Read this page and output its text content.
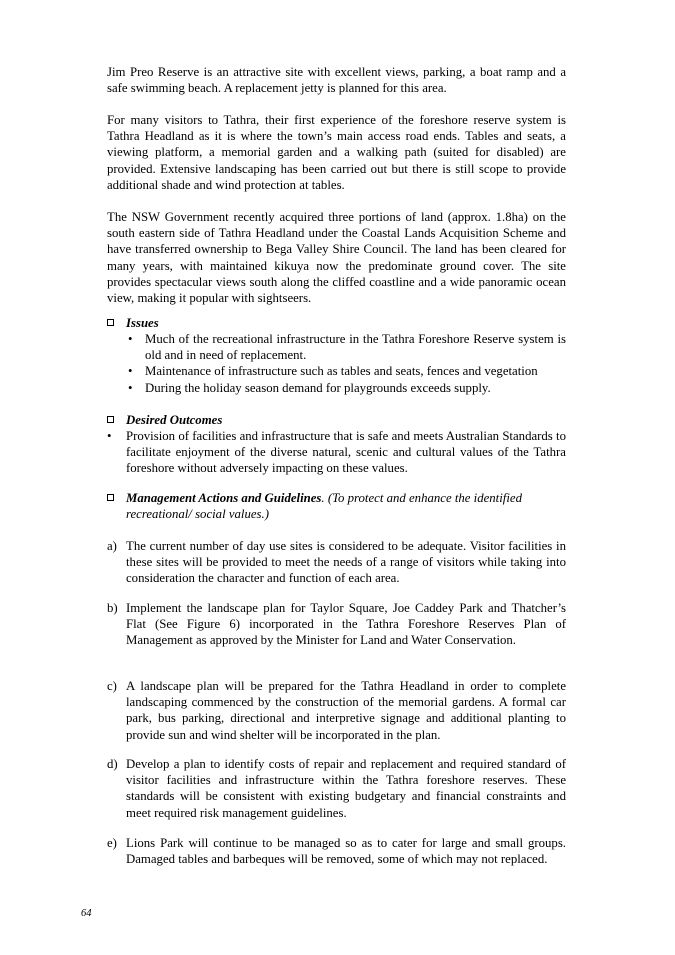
Jim Preo Reserve is an attractive site with excellent views, parking, a boat ramp and a safe swimming beach. A replacement jetty is planned for this area.

For many visitors to Tathra, their first experience of the foreshore reserve system is Tathra Headland as it is where the town’s main access road ends. Tables and seats, a viewing platform, a memorial garden and a walking path (suited for disabled) are provided. Extensive landscaping has been carried out but there is still scope to provide additional shade and wind protection at tables.

The NSW Government recently acquired three portions of land (approx. 1.8ha) on the south eastern side of Tathra Headland under the Coastal Lands Acquisition Scheme and have transferred ownership to Bega Valley Shire Council. The land has been cleared for many years, with maintained kikuya now the predominate ground cover. The site provides spectacular views south along the cliffed coastline and a wide panoramic ocean view, making it popular with sightseers.

Issues
• Much of the recreational infrastructure in the Tathra Foreshore Reserve system is old and in need of replacement.
• Maintenance of infrastructure such as tables and seats, fences and vegetation
• During the holiday season demand for playgrounds exceeds supply.
Desired Outcomes
•	Provision of facilities and infrastructure that is safe and meets Australian Standards to facilitate enjoyment of the diverse natural, scenic and cultural values of the Tathra foreshore without adversely impacting on these values.
Management Actions and Guidelines. (To protect and enhance the identified recreational/ social values.)
a) The current number of day use sites is considered to be adequate. Visitor facilities in these sites will be provided to meet the needs of a range of visitors while taking into consideration the character and function of each area.
b) Implement the landscape plan for Taylor Square, Joe Caddey Park and Thatcher’s Flat (See Figure 6) incorporated in the Tathra Foreshore Reserves Plan of Management as approved by the Minister for Land and Water Conservation.
c) A landscape plan will be prepared for the Tathra Headland in order to complete landscaping commenced by the construction of the memorial gardens. A formal car park, bus parking, directional and interpretive signage and additional planting to provide sun and wind shelter will be incorporated in the plan.
d) Develop a plan to identify costs of repair and replacement and required standard of visitor facilities and infrastructure within the Tathra foreshore reserves. These standards will be consistent with existing budgetary and financial constraints and meet required risk management guidelines.
e) Lions Park will continue to be managed so as to cater for large and small groups. Damaged tables and barbeques will be removed, some of which may not replaced.
64
